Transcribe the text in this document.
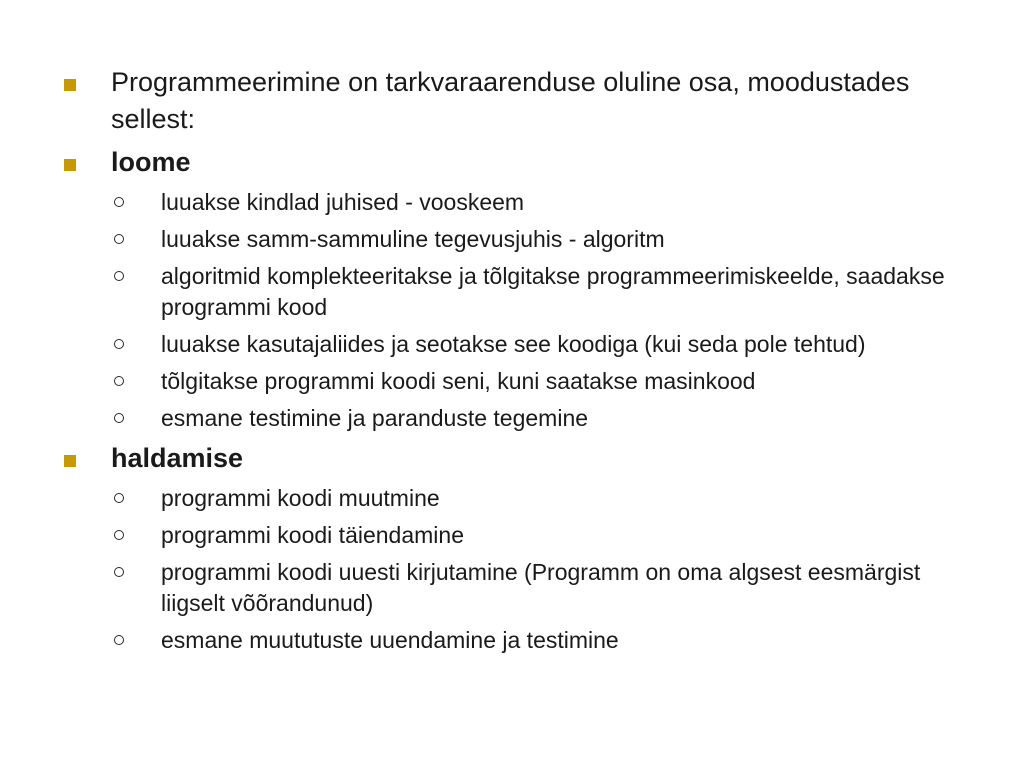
Programmeerimine on tarkvaraarenduse oluline osa, moodustades sellest:
loome
luuakse kindlad juhised - vooskeem
luuakse samm-sammuline tegevusjuhis - algoritm
algoritmid komplekteeritakse ja tõlgitakse programmeerimiskeelde, saadakse programmi kood
luuakse kasutajaliides ja seotakse see koodiga (kui seda pole tehtud)
tõlgitakse programmi koodi seni, kuni saatakse masinkood
esmane testimine ja paranduste tegemine
haldamise
programmi koodi muutmine
programmi koodi täiendamine
programmi koodi uuesti kirjutamine (Programm on oma algsest eesmärgist liigselt võõrandunud)
esmane muututuste uuendamine ja testimine
